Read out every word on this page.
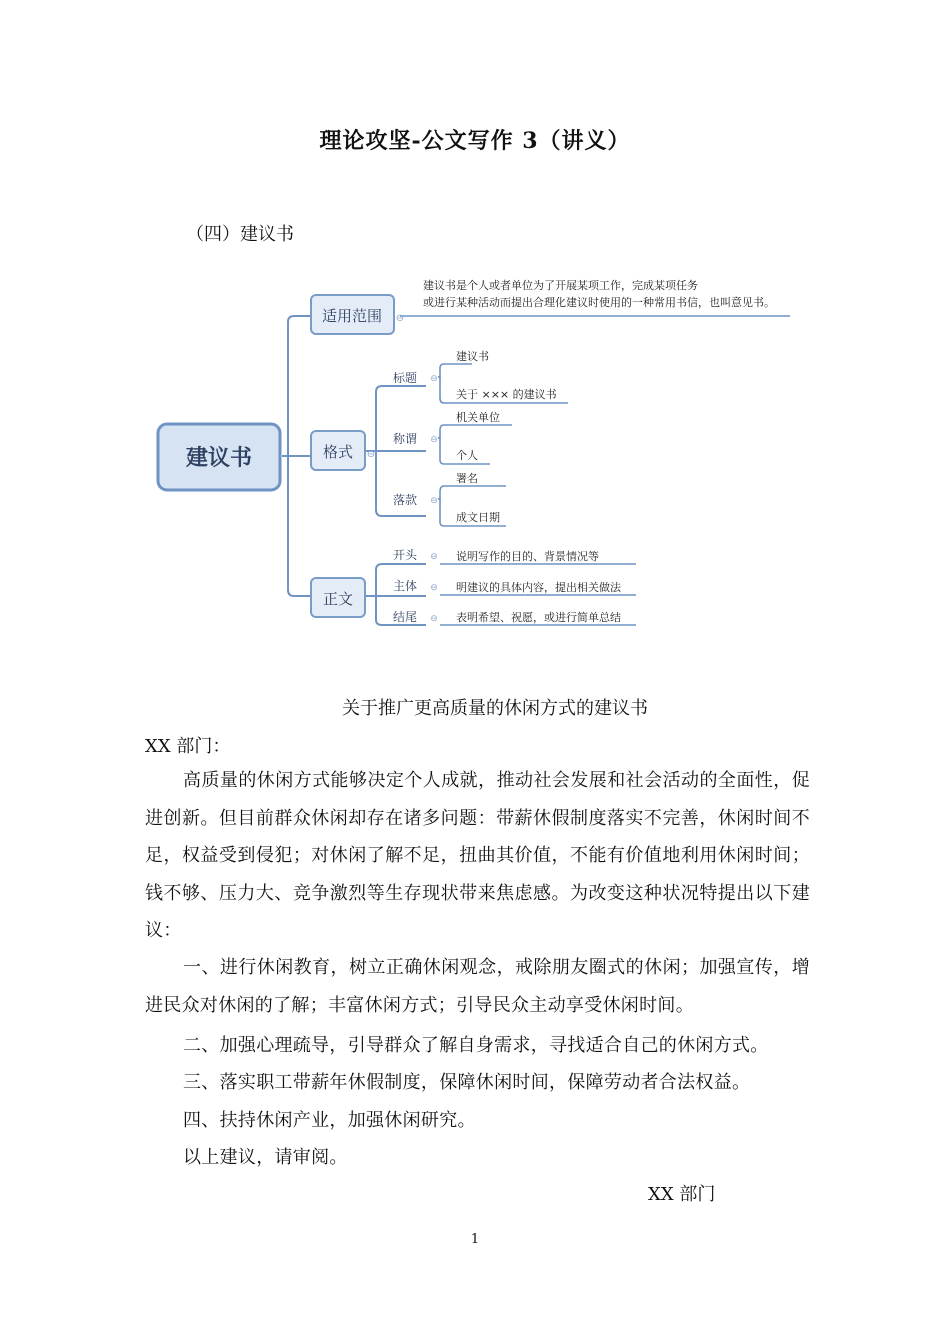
理论攻坚-公文写作 3（讲义）
（四）建议书
建议书
适用范围 ⊖
格式 ⊖
正文
标题 ⊖
称谓 ⊖
落款 ⊖
建议书
关于 ××× 的建议书
机关单位
个人
署名
成文日期
开头 ⊖ 说明写作的目的、背景情况等
主体 ⊖ 明建议的具体内容，提出相关做法
结尾 ⊖ 表明希望、祝愿，或进行简单总结
建议书是个人或者单位为了开展某项工作，完成某项任务
或进行某种活动而提出合理化建议时使用的一种常用书信，也叫意见书。
关于推广更高质量的休闲方式的建议书
XX 部门：
高质量的休闲方式能够决定个人成就，推动社会发展和社会活动的全面性，促进创新。但目前群众休闲却存在诸多问题：带薪休假制度落实不完善，休闲时间不足，权益受到侵犯；对休闲了解不足，扭曲其价值，不能有价值地利用休闲时间；钱不够、压力大、竞争激烈等生存现状带来焦虑感。为改变这种状况特提出以下建议：
一、进行休闲教育，树立正确休闲观念，戒除朋友圈式的休闲；加强宣传，增进民众对休闲的了解；丰富休闲方式；引导民众主动享受休闲时间。
二、加强心理疏导，引导群众了解自身需求，寻找适合自己的休闲方式。
三、落实职工带薪年休假制度，保障休闲时间，保障劳动者合法权益。
四、扶持休闲产业，加强休闲研究。
以上建议，请审阅。
XX 部门
1
